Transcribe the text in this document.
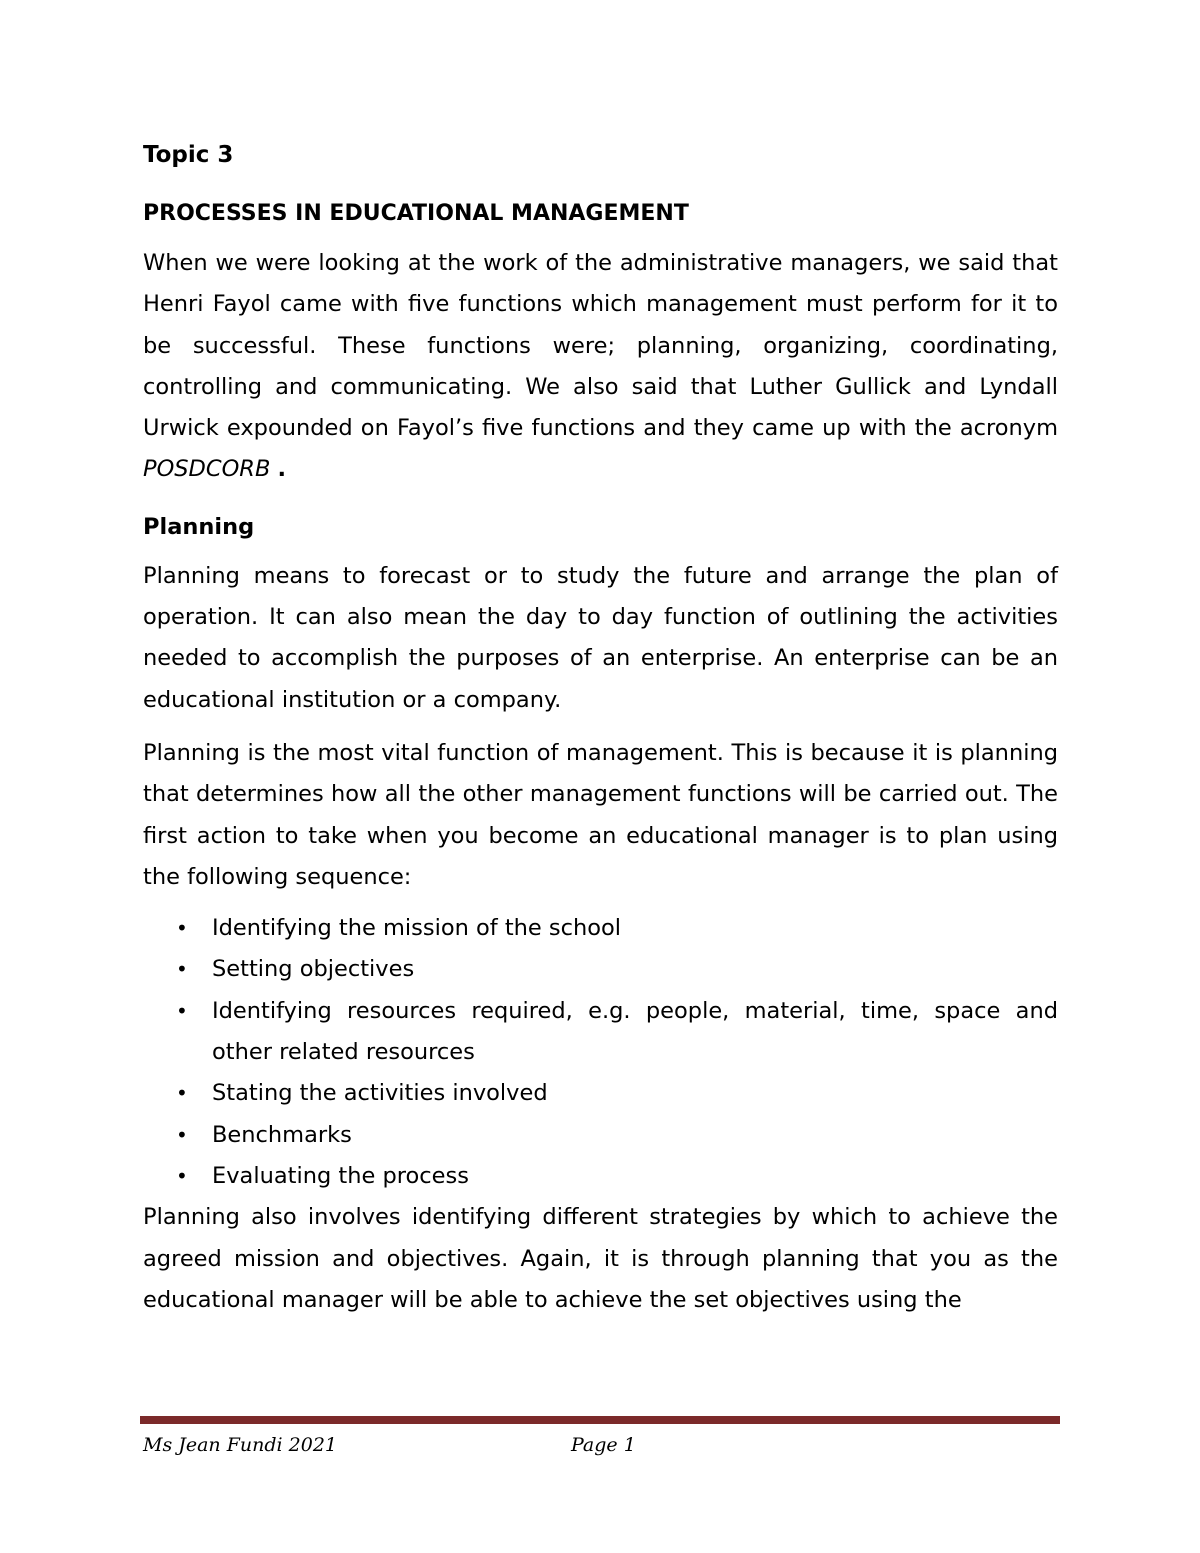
Topic 3

PROCESSES IN EDUCATIONAL MANAGEMENT

When we were looking at the work of the administrative managers, we said that Henri Fayol came with five functions which management must perform for it to be successful. These functions were; planning, organizing, coordinating, controlling and communicating. We also said that Luther Gullick and Lyndall Urwick expounded on Fayol’s five functions and they came up with the acronym POSDCORB .

Planning

Planning means to forecast or to study the future and arrange the plan of operation. It can also mean the day to day function of outlining the activities needed to accomplish the purposes of an enterprise. An enterprise can be an educational institution or a company.

Planning is the most vital function of management. This is because it is planning that determines how all the other management functions will be carried out. The first action to take when you become an educational manager is to plan using the following sequence:

• Identifying the mission of the school
• Setting objectives
• Identifying resources required, e.g. people, material, time, space and other related resources
• Stating the activities involved
• Benchmarks
• Evaluating the process

Planning also involves identifying different strategies by which to achieve the agreed mission and objectives. Again, it is through planning that you as the educational manager will be able to achieve the set objectives using the

Ms Jean Fundi 2021	Page 1
